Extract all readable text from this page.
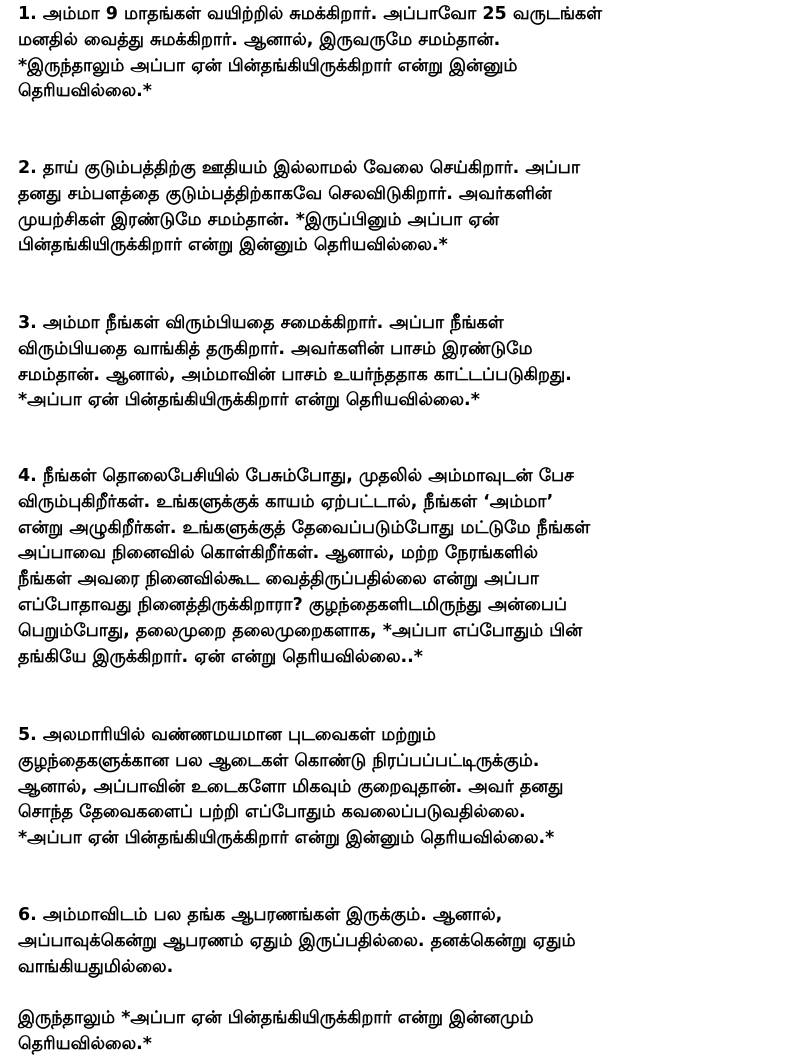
1. அம்மா 9 மாதங்கள் வயிற்றில் சுமக்கிறார். அப்பாவோ 25 வருடங்கள்
மனதில் வைத்து சுமக்கிறார். ஆனால், இருவருமே சமம்தான்.
*இருந்தாலும் அப்பா ஏன் பின்தங்கியிருக்கிறார் என்று இன்னும்
தெரியவில்லை.*

2. தாய் குடும்பத்திற்கு ஊதியம் இல்லாமல் வேலை செய்கிறார். அப்பா
தனது சம்பளத்தை குடும்பத்திற்காகவே செலவிடுகிறார். அவர்களின்
முயற்சிகள் இரண்டுமே சமம்தான். *இருப்பினும் அப்பா ஏன்
பின்தங்கியிருக்கிறார் என்று இன்னும் தெரியவில்லை.*

3. அம்மா நீங்கள் விரும்பியதை சமைக்கிறார். அப்பா நீங்கள்
விரும்பியதை வாங்கித் தருகிறார். அவர்களின் பாசம் இரண்டுமே
சமம்தான். ஆனால், அம்மாவின் பாசம் உயர்ந்ததாக காட்டப்படுகிறது.
*அப்பா ஏன் பின்தங்கியிருக்கிறார் என்று தெரியவில்லை.*

4. நீங்கள் தொலைபேசியில் பேசும்போது, முதலில் அம்மாவுடன் பேச
விரும்புகிறீர்கள். உங்களுக்குக் காயம் ஏற்பட்டால், நீங்கள் ‘அம்மா’
என்று அழுகிறீர்கள். உங்களுக்குத் தேவைப்படும்போது மட்டுமே நீங்கள்
அப்பாவை நினைவில் கொள்கிறீர்கள். ஆனால், மற்ற நேரங்களில்
நீங்கள் அவரை நினைவில்கூட வைத்திருப்பதில்லை என்று அப்பா
எப்போதாவது நினைத்திருக்கிறாரா? குழந்தைகளிடமிருந்து அன்பைப்
பெறும்போது, தலைமுறை தலைமுறைகளாக, *அப்பா எப்போதும் பின்
தங்கியே இருக்கிறார். ஏன் என்று தெரியவில்லை..*

5. அலமாரியில் வண்ணமயமான புடவைகள் மற்றும்
குழந்தைகளுக்கான பல ஆடைகள் கொண்டு நிரப்பப்பட்டிருக்கும்.
ஆனால், அப்பாவின் உடைகளோ மிகவும் குறைவுதான். அவர் தனது
சொந்த தேவைகளைப் பற்றி எப்போதும் கவலைப்படுவதில்லை.
*அப்பா ஏன் பின்தங்கியிருக்கிறார் என்று இன்னும் தெரியவில்லை.*

6. அம்மாவிடம் பல தங்க ஆபரணங்கள் இருக்கும். ஆனால்,
அப்பாவுக்கென்று ஆபரணம் ஏதும் இருப்பதில்லை. தனக்கென்று ஏதும்
வாங்கியதுமில்லை.

இருந்தாலும் *அப்பா ஏன் பின்தங்கியிருக்கிறார் என்று இன்னமும்
தெரியவில்லை.*
